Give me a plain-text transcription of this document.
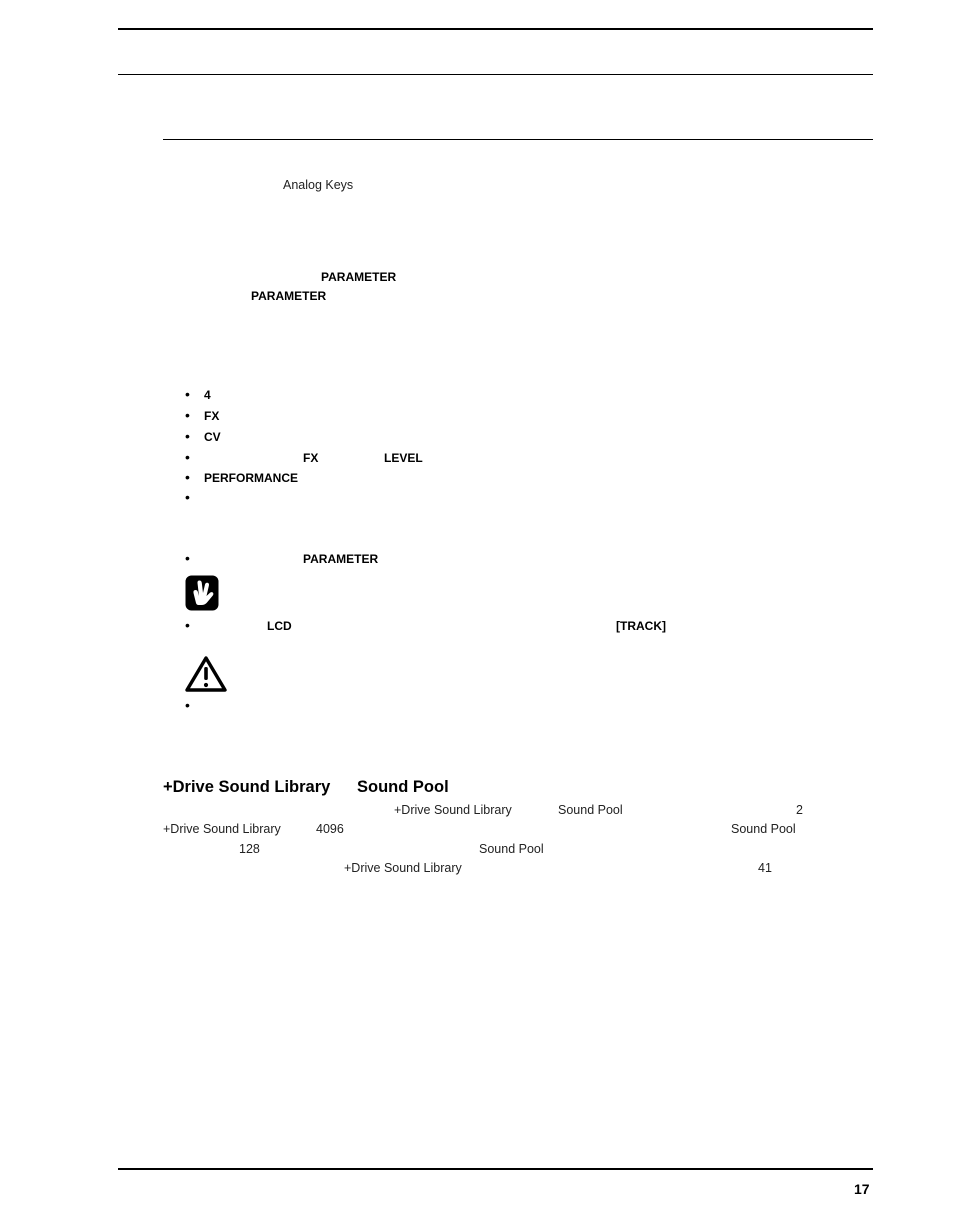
Analog Keys
PARAMETER
PARAMETER
• 4
• FX
• CV
•	FX	LEVEL
• PERFORMANCE
•
•	PARAMETER
•	LCD	[TRACK]
•
+Drive Sound Library Sound Pool
+Drive Sound Library	Sound Pool	2
+Drive Sound Library	4096	Sound Pool
128	Sound Pool
+Drive Sound Library	41
17
